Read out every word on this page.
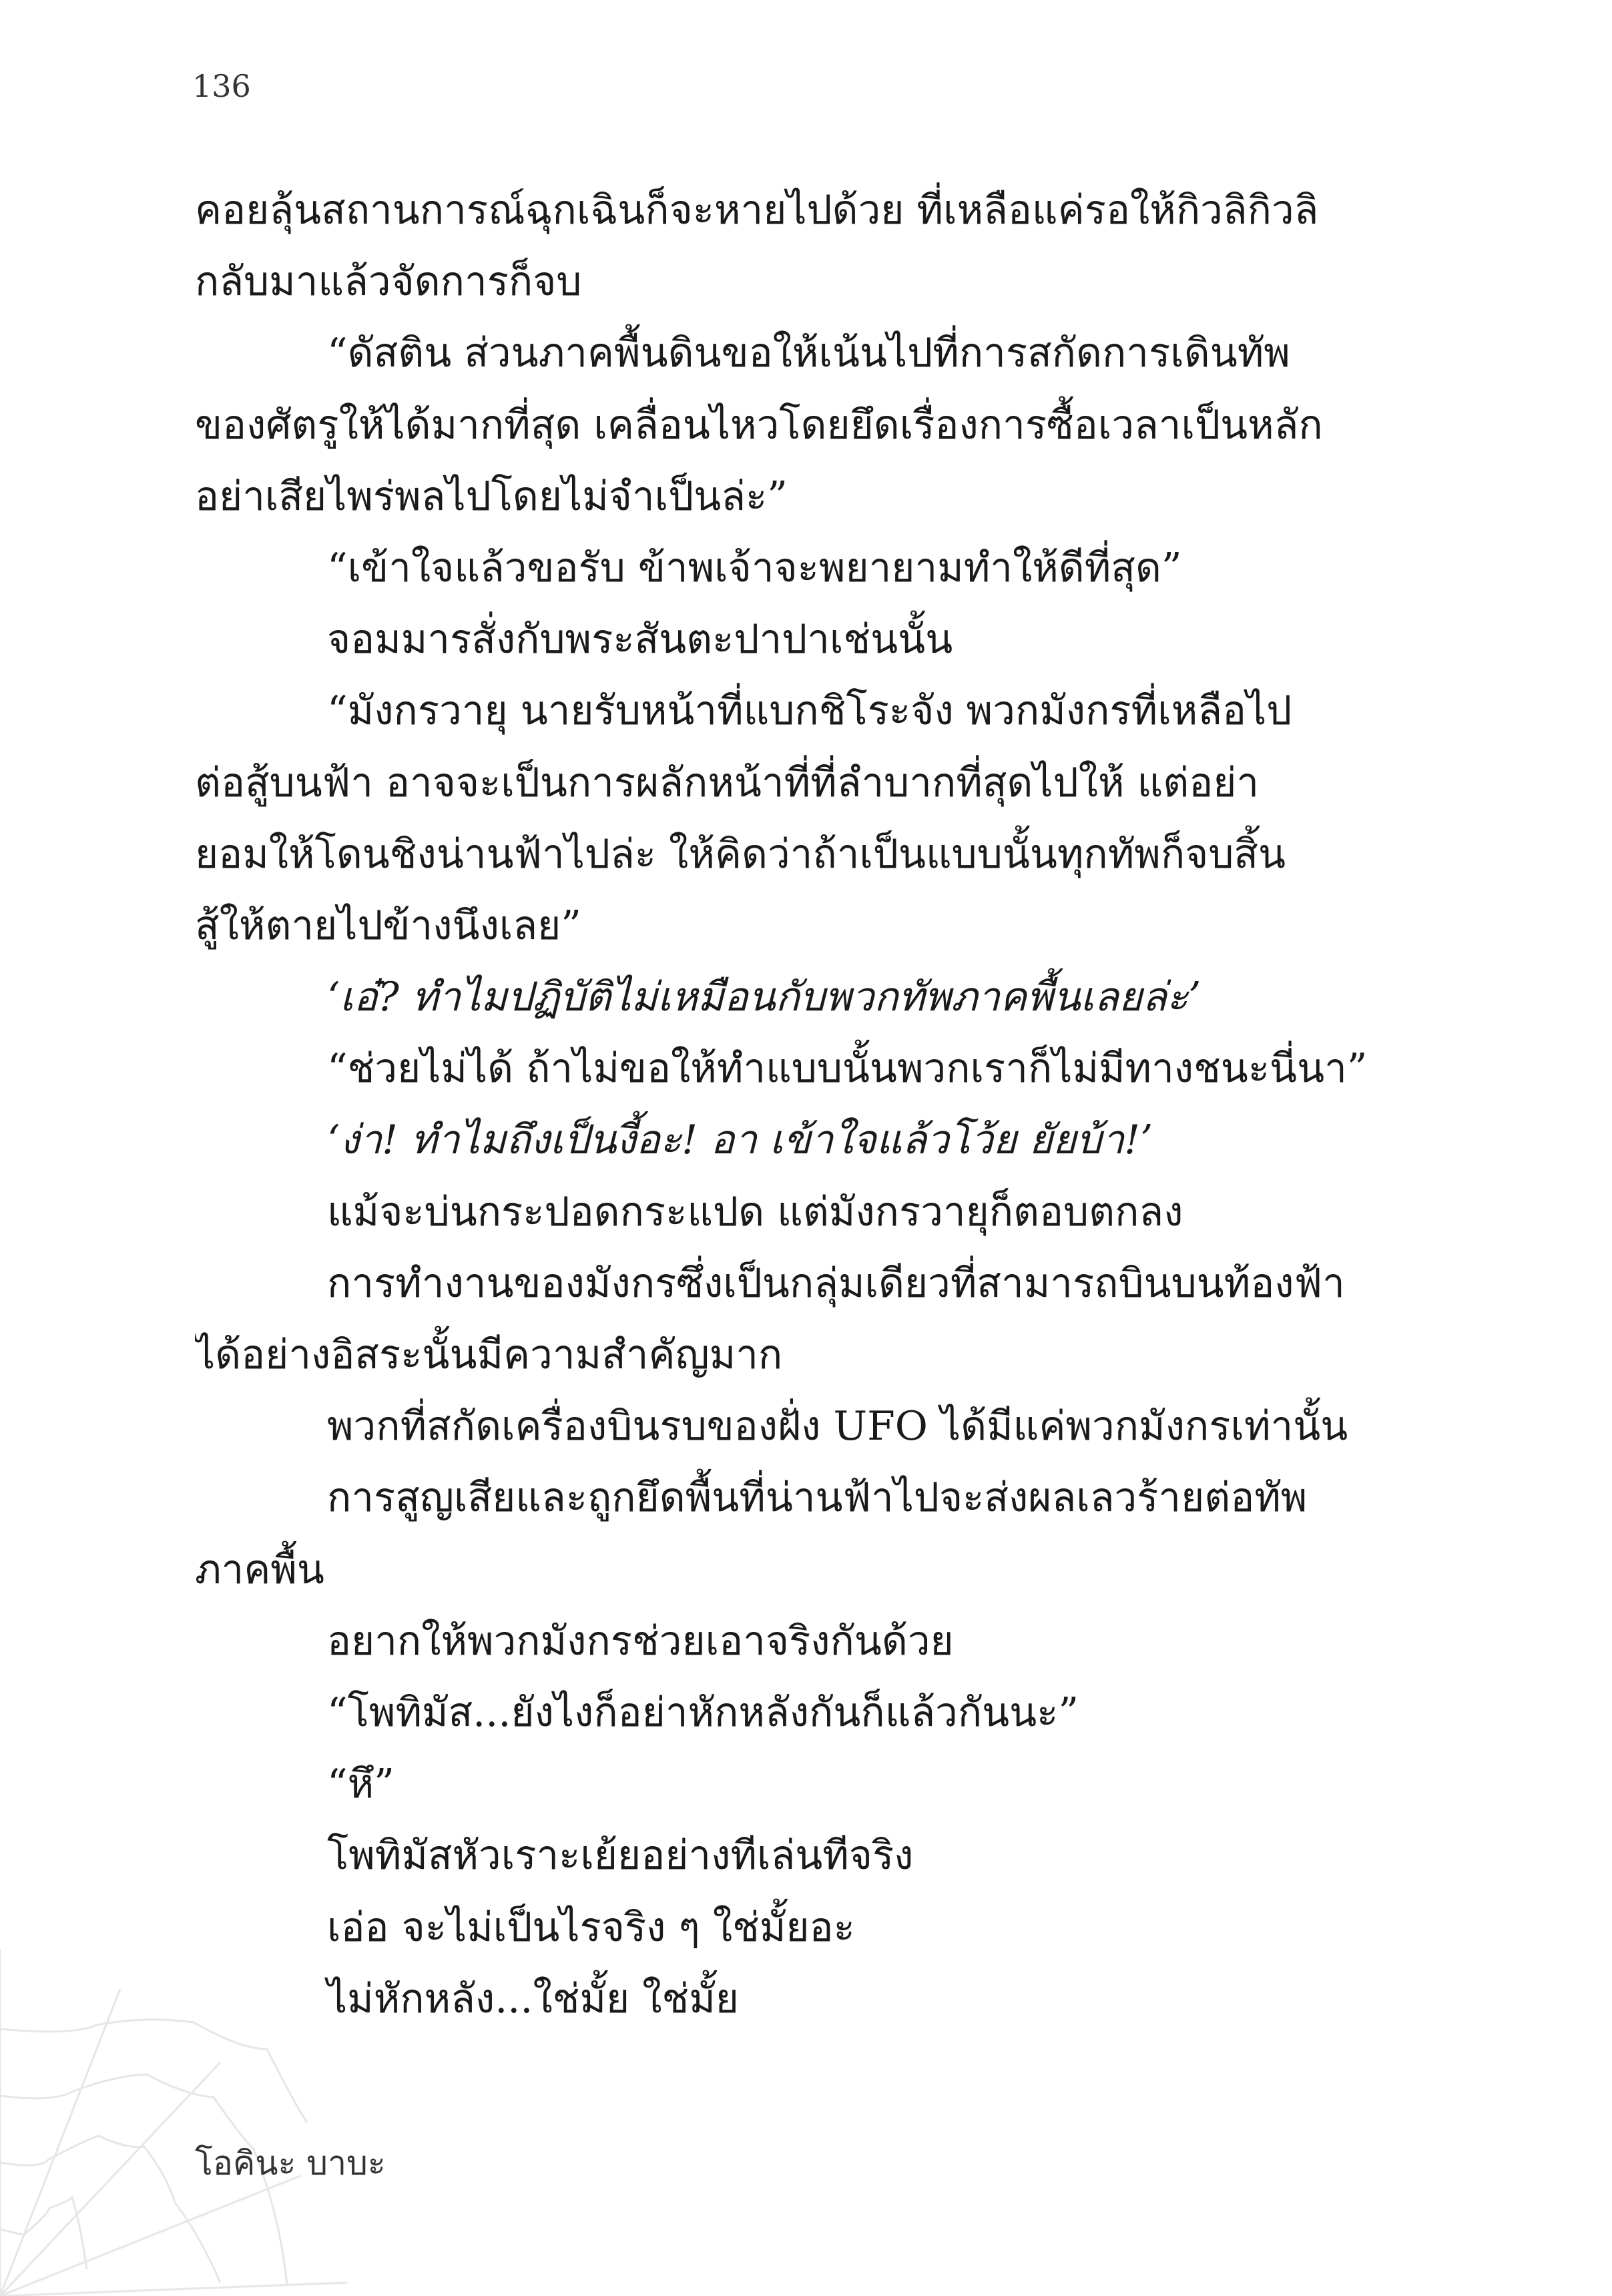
136
คอยลุ้นสถานการณ์ฉุกเฉินก็จะหายไปด้วย ที่เหลือแค่รอให้กิวลิกิวลิ
กลับมาแล้วจัดการก็จบ
“ดัสติน ส่วนภาคพื้นดินขอให้เน้นไปที่การสกัดการเดินทัพ
ของศัตรูให้ได้มากที่สุด เคลื่อนไหวโดยยึดเรื่องการซื้อเวลาเป็นหลัก
อย่าเสียไพร่พลไปโดยไม่จำเป็นล่ะ”
“เข้าใจแล้วขอรับ ข้าพเจ้าจะพยายามทำให้ดีที่สุด”
จอมมารสั่งกับพระสันตะปาปาเช่นนั้น
“มังกรวายุ นายรับหน้าที่แบกชิโระจัง พวกมังกรที่เหลือไป
ต่อสู้บนฟ้า อาจจะเป็นการผลักหน้าที่ที่ลำบากที่สุดไปให้ แต่อย่า
ยอมให้โดนชิงน่านฟ้าไปล่ะ ให้คิดว่าถ้าเป็นแบบนั้นทุกทัพก็จบสิ้น
สู้ให้ตายไปข้างนึงเลย”
‘เอ๋? ทำไมปฏิบัติไม่เหมือนกับพวกทัพภาคพื้นเลยล่ะ’
“ช่วยไม่ได้ ถ้าไม่ขอให้ทำแบบนั้นพวกเราก็ไม่มีทางชนะนี่นา”
‘ง่า! ทำไมถึงเป็นงี้อะ! อา เข้าใจแล้วโว้ย ยัยบ้า!’
แม้จะบ่นกระปอดกระแปด แต่มังกรวายุก็ตอบตกลง
การทำงานของมังกรซึ่งเป็นกลุ่มเดียวที่สามารถบินบนท้องฟ้า
ได้อย่างอิสระนั้นมีความสำคัญมาก
พวกที่สกัดเครื่องบินรบของฝั่ง UFO ได้มีแค่พวกมังกรเท่านั้น
การสูญเสียและถูกยึดพื้นที่น่านฟ้าไปจะส่งผลเลวร้ายต่อทัพ
ภาคพื้น
อยากให้พวกมังกรช่วยเอาจริงกันด้วย
“โพทิมัส...ยังไงก็อย่าหักหลังกันก็แล้วกันนะ”
“หึ”
โพทิมัสหัวเราะเย้ยอย่างทีเล่นทีจริง
เอ่อ จะไม่เป็นไรจริง ๆ ใช่มั้ยอะ
ไม่หักหลัง...ใช่มั้ย ใช่มั้ย
โอคินะ บาบะ
